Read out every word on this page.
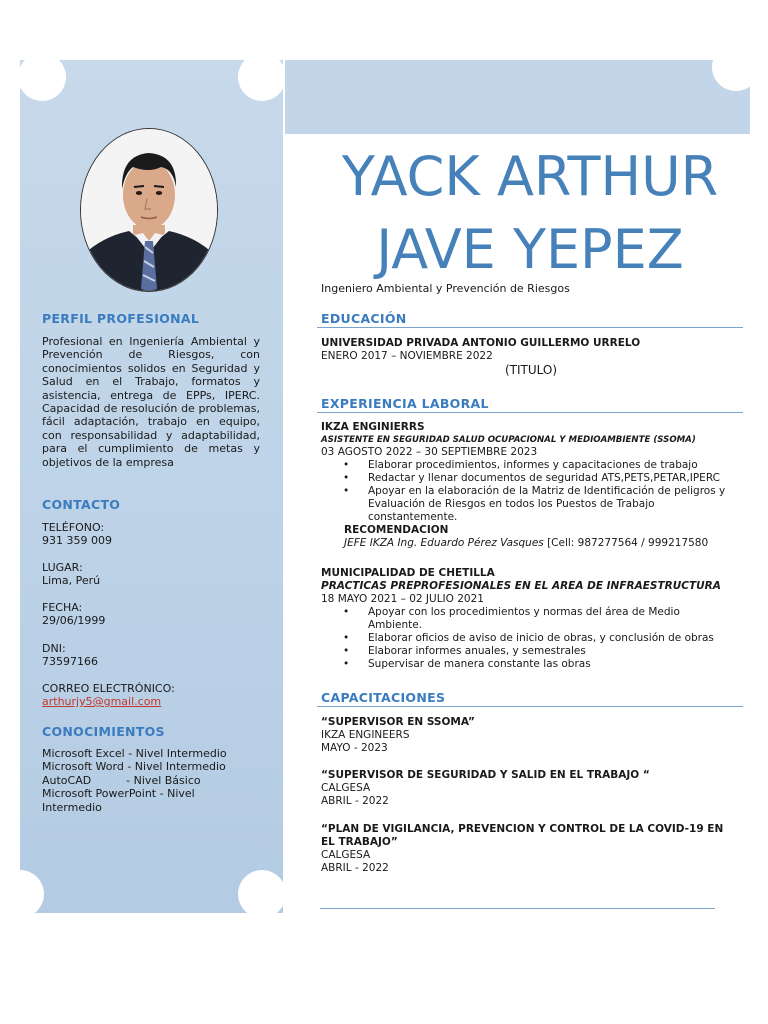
PERFIL PROFESIONAL
Profesional en Ingeniería Ambiental y Prevención de Riesgos, con conocimientos solidos en Seguridad y Salud en el Trabajo, formatos y asistencia, entrega de EPPs, IPERC. Capacidad de resolución de problemas, fácil adaptación, trabajo en equipo, con responsabilidad y adaptabilidad, para el cumplimiento de metas y objetivos de la empresa
CONTACTO
TELÉFONO:
931 359 009
LUGAR:
Lima, Perú
FECHA:
29/06/1999
DNI:
73597166
CORREO ELECTRÓNICO:
arthurjy5@gmail.com
CONOCIMIENTOS
Microsoft Excel - Nivel Intermedio
Microsoft Word - Nivel Intermedio
AutoCAD          - Nivel Básico
Microsoft PowerPoint - Nivel Intermedio
YACK ARTHUR
JAVE YEPEZ
Ingeniero Ambiental y Prevención de Riesgos
EDUCACIÓN
UNIVERSIDAD PRIVADA ANTONIO GUILLERMO URRELO
ENERO 2017 – NOVIEMBRE 2022
(TITULO)
EXPERIENCIA LABORAL
IKZA ENGINIERRS
ASISTENTE EN SEGURIDAD SALUD OCUPACIONAL Y MEDIOAMBIENTE (SSOMA)
03 AGOSTO 2022 – 30 SEPTIEMBRE 2023
• Elaborar procedimientos, informes y capacitaciones de trabajo
• Redactar y llenar documentos de seguridad ATS,PETS,PETAR,IPERC
• Apoyar en la elaboración de la Matriz de Identificación de peligros y Evaluación de Riesgos en todos los Puestos de Trabajo constantemente.
RECOMENDACION
JEFE IKZA Ing. Eduardo Pérez Vasques [Cell: 987277564 / 999217580
MUNICIPALIDAD DE CHETILLA
PRACTICAS PREPROFESIONALES EN EL AREA DE INFRAESTRUCTURA
18 MAYO 2021 – 02 JULIO 2021
• Apoyar con los procedimientos y normas del área de Medio Ambiente.
• Elaborar oficios de aviso de inicio de obras, y conclusión de obras
• Elaborar informes anuales, y semestrales
• Supervisar de manera constante las obras
CAPACITACIONES
“SUPERVISOR EN SSOMA”
IKZA ENGINEERS
MAYO - 2023
“SUPERVISOR DE SEGURIDAD Y SALID EN EL TRABAJO “
CALGESA
ABRIL - 2022
“PLAN DE VIGILANCIA, PREVENCION Y CONTROL DE LA COVID-19 EN EL TRABAJO”
CALGESA
ABRIL - 2022
